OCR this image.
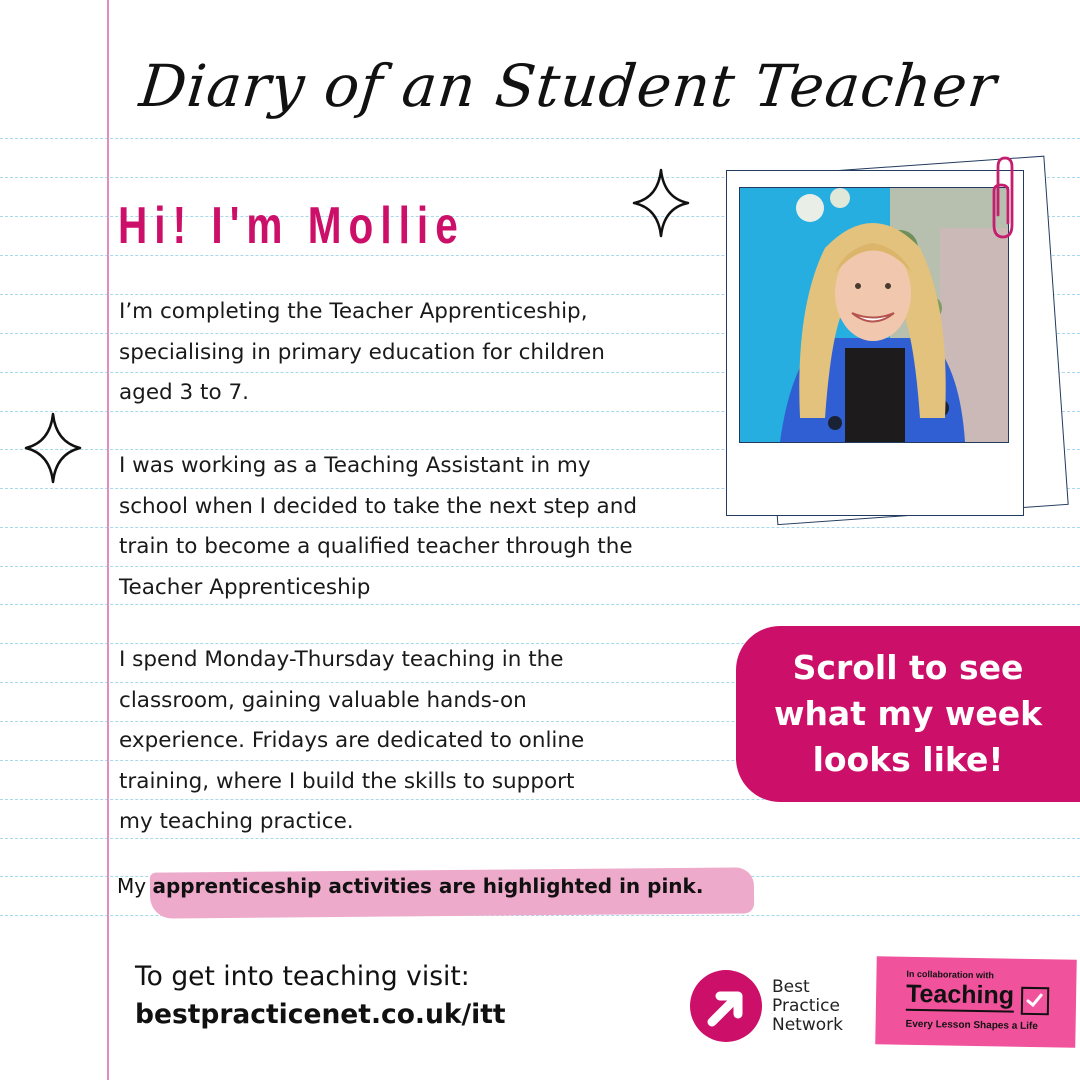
Diary of an Student Teacher
Hi! I'm Mollie
I’m completing the Teacher Apprenticeship,
specialising in primary education for children
aged 3 to 7.
I was working as a Teaching Assistant in my
school when I decided to take the next step and
train to become a qualified teacher through the
Teacher Apprenticeship
I spend Monday-Thursday teaching in the
classroom, gaining valuable hands-on
experience. Fridays are dedicated to online
training, where I build the skills to support
my teaching practice.
Scroll to see
what my week
looks like!
My apprenticeship activities are highlighted in pink.
To get into teaching visit:
bestpracticenet.co.uk/itt
Best
Practice
Network
In collaboration with
Teaching
Every Lesson Shapes a Life
